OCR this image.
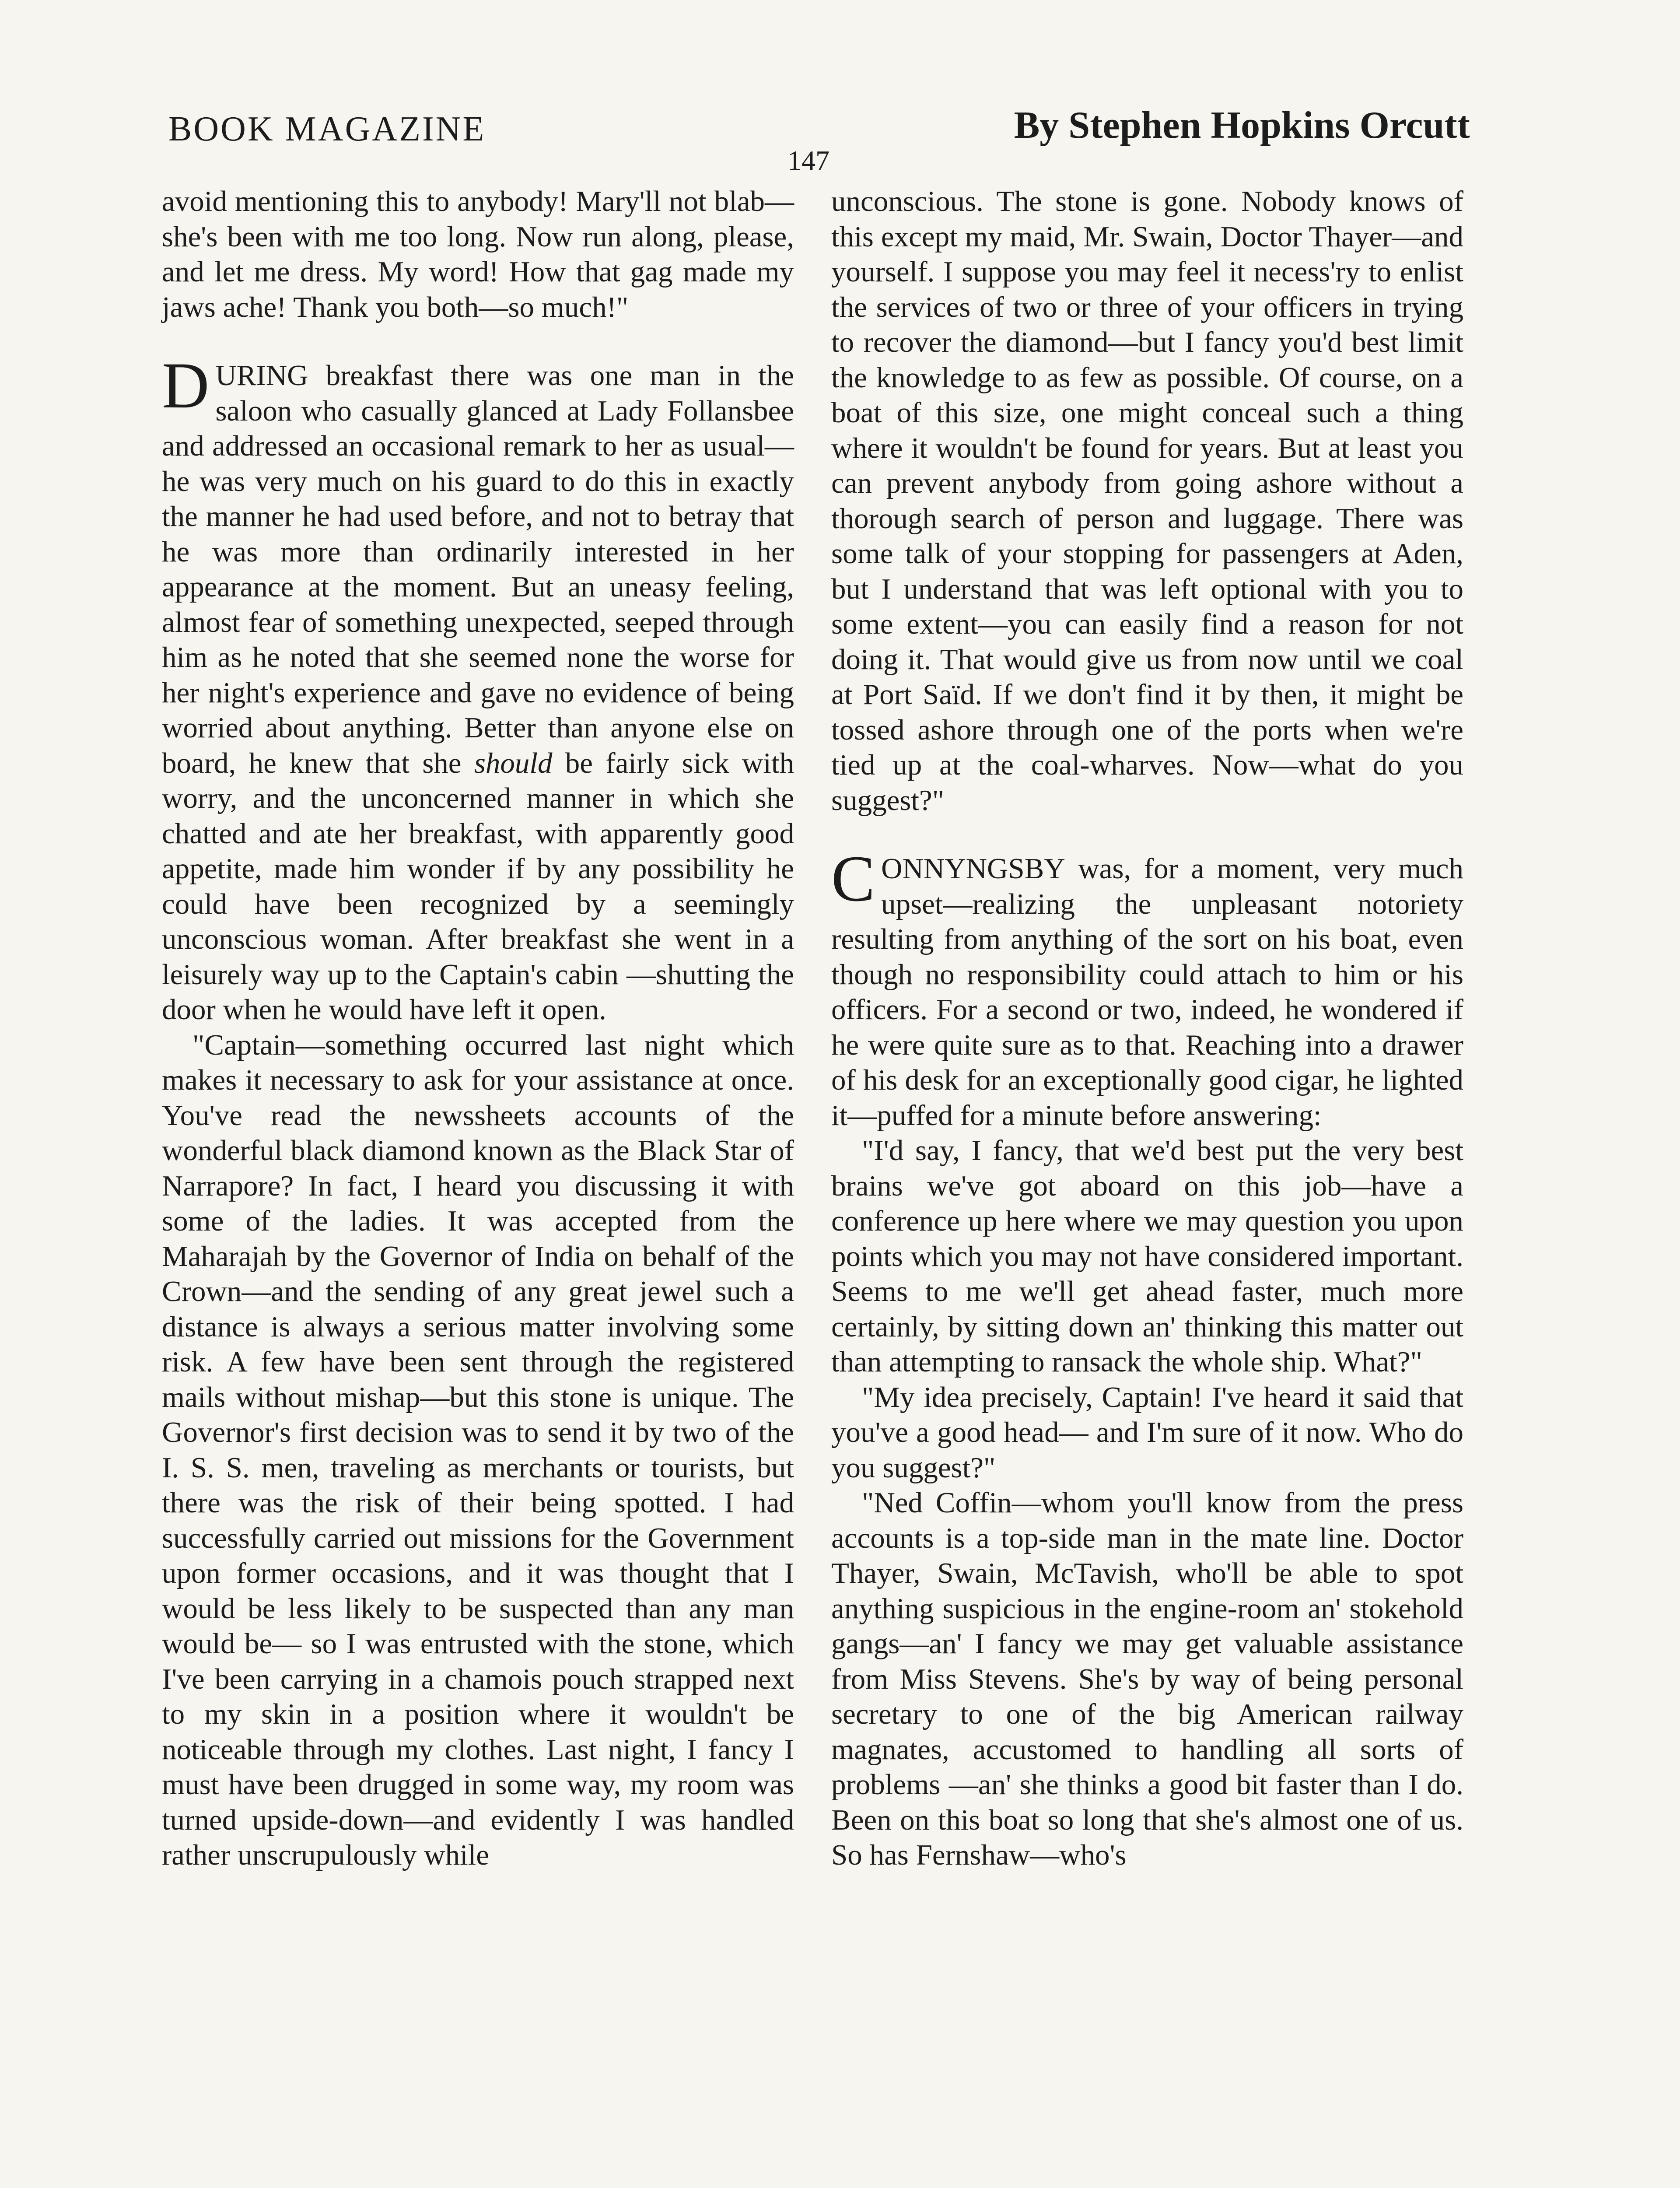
BOOK MAGAZINE	By Stephen Hopkins Orcutt
147

avoid mentioning this to anybody! Mary'll not blab—she's been with me too long. Now run along, please, and let me dress. My word! How that gag made my jaws ache! Thank you both—so much!"

DURING breakfast there was one man in the saloon who casually glanced at Lady Follansbee and addressed an occasional remark to her as usual—he was very much on his guard to do this in exactly the manner he had used before, and not to betray that he was more than ordinarily interested in her appearance at the moment. But an uneasy feeling, almost fear of something unexpected, seeped through him as he noted that she seemed none the worse for her night's experience and gave no evidence of being worried about anything. Better than anyone else on board, he knew that she should be fairly sick with worry, and the unconcerned manner in which she chatted and ate her breakfast, with apparently good appetite, made him wonder if by any possibility he could have been recognized by a seemingly unconscious woman. After breakfast she went in a leisurely way up to the Captain's cabin —shutting the door when he would have left it open.

"Captain—something occurred last night which makes it necessary to ask for your assistance at once. You've read the newssheets accounts of the wonderful black diamond known as the Black Star of Narrapore? In fact, I heard you discussing it with some of the ladies. It was accepted from the Maharajah by the Governor of India on behalf of the Crown—and the sending of any great jewel such a distance is always a serious matter involving some risk. A few have been sent through the registered mails without mishap—but this stone is unique. The Governor's first decision was to send it by two of the I. S. S. men, traveling as merchants or tourists, but there was the risk of their being spotted. I had successfully carried out missions for the Government upon former occasions, and it was thought that I would be less likely to be suspected than any man would be— so I was entrusted with the stone, which I've been carrying in a chamois pouch strapped next to my skin in a position where it wouldn't be noticeable through my clothes. Last night, I fancy I must have been drugged in some way, my room was turned upside-down—and evidently I was handled rather unscrupulously while

unconscious. The stone is gone. Nobody knows of this except my maid, Mr. Swain, Doctor Thayer—and yourself. I suppose you may feel it necess'ry to enlist the services of two or three of your officers in trying to recover the diamond—but I fancy you'd best limit the knowledge to as few as possible. Of course, on a boat of this size, one might conceal such a thing where it wouldn't be found for years. But at least you can prevent anybody from going ashore without a thorough search of person and luggage. There was some talk of your stopping for passengers at Aden, but I understand that was left optional with you to some extent—you can easily find a reason for not doing it. That would give us from now until we coal at Port Saïd. If we don't find it by then, it might be tossed ashore through one of the ports when we're tied up at the coal-wharves. Now—what do you suggest?"

CONNYNGSBY was, for a moment, very much upset—realizing the unpleasant notoriety resulting from anything of the sort on his boat, even though no responsibility could attach to him or his officers. For a second or two, indeed, he wondered if he were quite sure as to that. Reaching into a drawer of his desk for an exceptionally good cigar, he lighted it—puffed for a minute before answering:

"I'd say, I fancy, that we'd best put the very best brains we've got aboard on this job—have a conference up here where we may question you upon points which you may not have considered important. Seems to me we'll get ahead faster, much more certainly, by sitting down an' thinking this matter out than attempting to ransack the whole ship. What?"

"My idea precisely, Captain! I've heard it said that you've a good head— and I'm sure of it now. Who do you suggest?"

"Ned Coffin—whom you'll know from the press accounts is a top-side man in the mate line. Doctor Thayer, Swain, McTavish, who'll be able to spot anything suspicious in the engine-room an' stokehold gangs—an' I fancy we may get valuable assistance from Miss Stevens. She's by way of being personal secretary to one of the big American railway magnates, accustomed to handling all sorts of problems —an' she thinks a good bit faster than I do. Been on this boat so long that she's almost one of us. So has Fernshaw—who's
